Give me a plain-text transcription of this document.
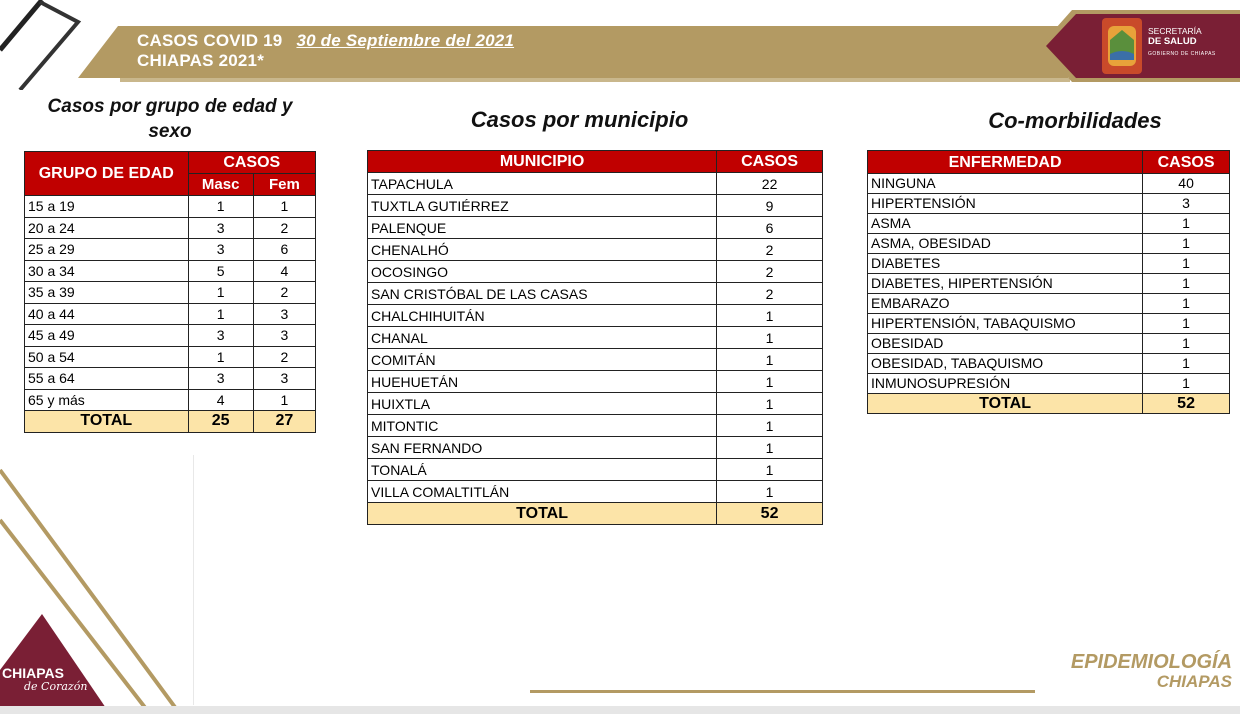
CASOS COVID 19 30 de Septiembre del 2021
CHIAPAS 2021*
SECRETARÍA
DE SALUD
GOBIERNO DE CHIAPAS
Casos por grupo de edad y sexo	Casos por municipio	Co-morbilidades
GRUPO DE EDAD	CASOS	
	Masc	Fem
15 a 19	1	1
20 a 24	3	2
25 a 29	3	6
30 a 34	5	4
35 a 39	1	2
40 a 44	1	3
45 a 49	3	3
50 a 54	1	2
55 a 64	3	3
65 y más	4	1
TOTAL	25	27
MUNICIPIO	CASOS
TAPACHULA	22
TUXTLA GUTIÉRREZ	9
PALENQUE	6
CHENALHÓ	2
OCOSINGO	2
SAN CRISTÓBAL DE LAS CASAS	2
CHALCHIHUITÁN	1
CHANAL	1
COMITÁN	1
HUEHUETÁN	1
HUIXTLA	1
MITONTIC	1
SAN FERNANDO	1
TONALÁ	1
VILLA COMALTITLÁN	1
TOTAL	52
ENFERMEDAD	CASOS
NINGUNA	40
HIPERTENSIÓN	3
ASMA	1
ASMA, OBESIDAD	1
DIABETES	1
DIABETES, HIPERTENSIÓN	1
EMBARAZO	1
HIPERTENSIÓN, TABAQUISMO	1
OBESIDAD	1
OBESIDAD, TABAQUISMO	1
INMUNOSUPRESIÓN	1
TOTAL	52
CHIAPAS
de Corazón
EPIDEMIOLOGÍA
CHIAPAS
